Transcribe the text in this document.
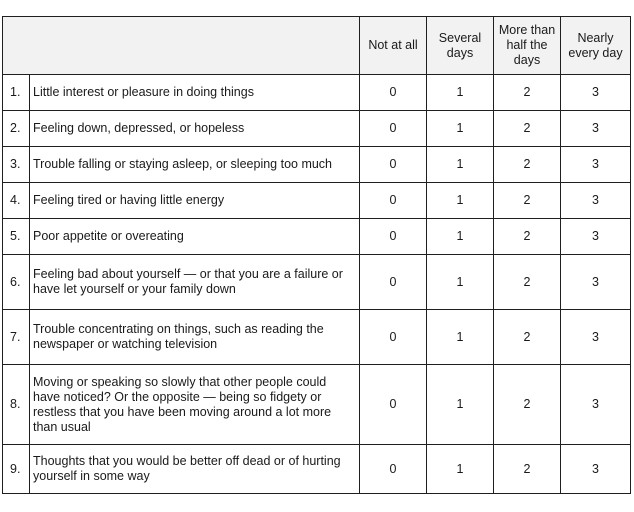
		Not at all	Several days	More than half the days	Nearly every day
1.	Little interest or pleasure in doing things	0	1	2	3
2.	Feeling down, depressed, or hopeless	0	1	2	3
3.	Trouble falling or staying asleep, or sleeping too much	0	1	2	3
4.	Feeling tired or having little energy	0	1	2	3
5.	Poor appetite or overeating	0	1	2	3
6.	Feeling bad about yourself — or that you are a failure or have let yourself or your family down	0	1	2	3
7.	Trouble concentrating on things, such as reading the newspaper or watching television	0	1	2	3
8.	Moving or speaking so slowly that other people could have noticed? Or the opposite — being so fidgety or restless that you have been moving around a lot more than usual	0	1	2	3
9.	Thoughts that you would be better off dead or of hurting yourself in some way	0	1	2	3
